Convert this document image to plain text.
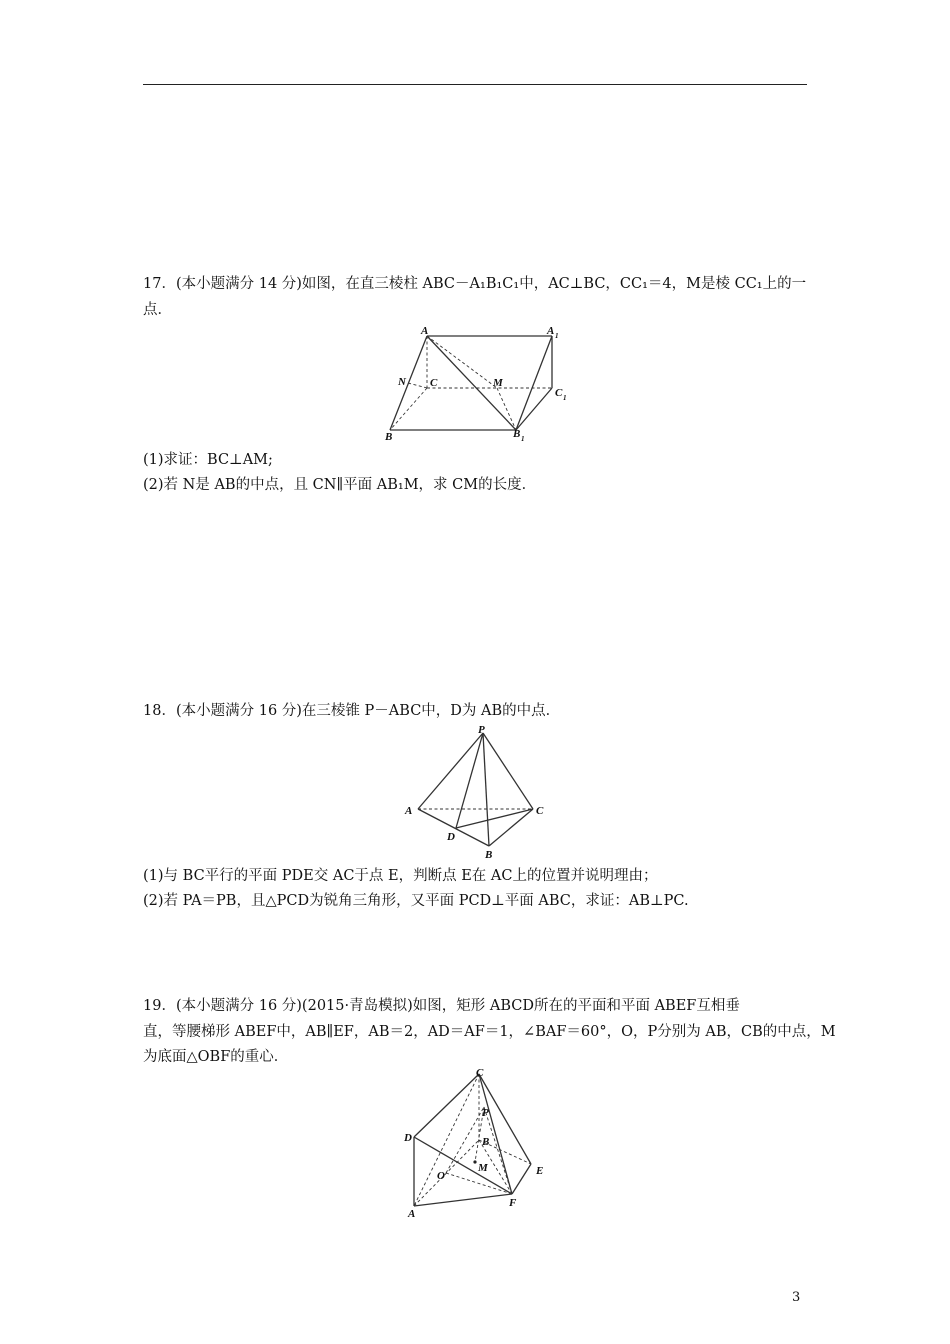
17．(本小题满分 14 分)如图，在直三棱柱 ABC－A₁B₁C₁中，AC⊥BC，CC₁＝4，M是棱 CC₁上的一
点．
A	A 1
N C	M
C 1
B	B 1
(1)求证：BC⊥AM;
(2)若 N是 AB的中点，且 CN∥平面 AB₁M，求 CM的长度．
18．(本小题满分 16 分)在三棱锥 P－ABC中，D为 AB的中点．
P
A	C
D
B
(1)与 BC平行的平面 PDE交 AC于点 E，判断点 E在 AC上的位置并说明理由；
(2)若 PA＝PB，且△PCD为锐角三角形，又平面 PCD⊥平面 ABC，求证：AB⊥PC.
19．(本小题满分 16 分)(2015·青岛模拟)如图，矩形 ABCD所在的平面和平面 ABEF互相垂
直，等腰梯形 ABEF中，AB∥EF，AB＝2，AD＝AF＝1，∠BAF＝60°，O，P分别为 AB，CB的中点，M
为底面△OBF的重心．
C
P
D	B
M	E
O
F
A
3
